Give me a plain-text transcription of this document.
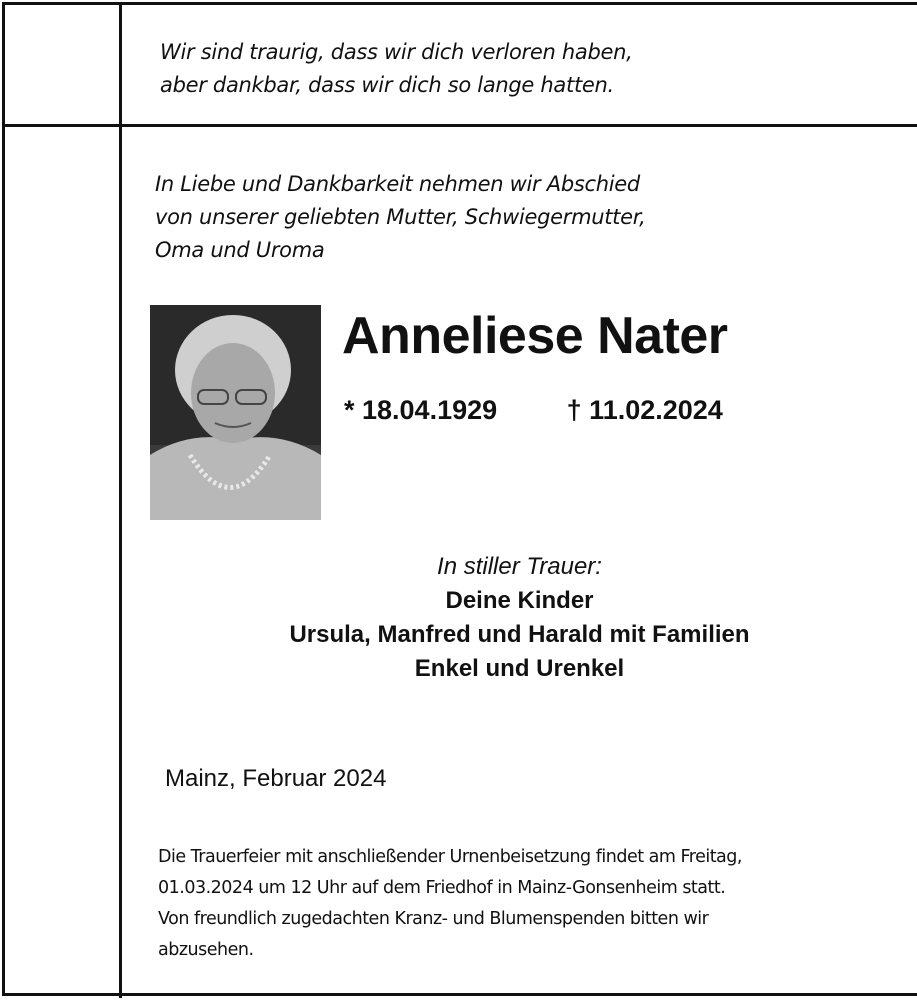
Wir sind traurig, dass wir dich verloren haben,
aber dankbar, dass wir dich so lange hatten.
In Liebe und Dankbarkeit nehmen wir Abschied
von unserer geliebten Mutter, Schwiegermutter,
Oma und Uroma
Anneliese Nater
* 18.04.1929	† 11.02.2024
In stiller Trauer:
Deine Kinder
Ursula, Manfred und Harald mit Familien
Enkel und Urenkel
Mainz, Februar 2024
Die Trauerfeier mit anschließender Urnenbeisetzung findet am Freitag,
01.03.2024 um 12 Uhr auf dem Friedhof in Mainz-Gonsenheim statt.
Von freundlich zugedachten Kranz- und Blumenspenden bitten wir
abzusehen.
